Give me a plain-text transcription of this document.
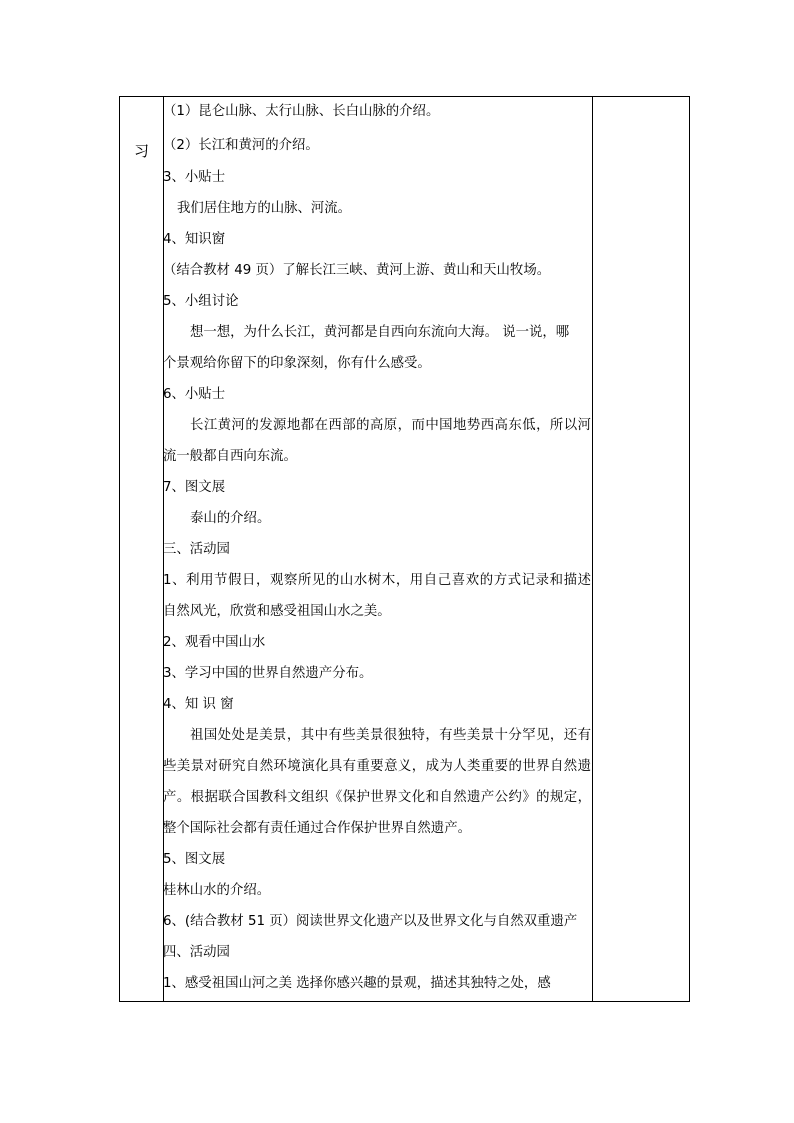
习
（1）昆仑山脉、太行山脉、长白山脉的介绍。
（2）长江和黄河的介绍。
3、小贴士
我们居住地方的山脉、河流。
4、知识窗
（结合教材 49 页）了解长江三峡、黄河上游、黄山和天山牧场。
5、小组讨论
想一想，为什么长江，黄河都是自西向东流向大海。 说一说，哪
个景观给你留下的印象深刻，你有什么感受。
6、小贴士
长江黄河的发源地都在西部的高原，而中国地势西高东低，所以河
流一般都自西向东流。
7、图文展
泰山的介绍。
三、活动园
1、利用节假日，观察所见的山水树木，用自己喜欢的方式记录和描述
自然风光，欣赏和感受祖国山水之美。
2、观看中国山水
3、学习中国的世界自然遗产分布。
4、知 识 窗
祖国处处是美景，其中有些美景很独特，有些美景十分罕见，还有
些美景对研究自然环境演化具有重要意义，成为人类重要的世界自然遗
产。根据联合国教科文组织《保护世界文化和自然遗产公约》的规定，
整个国际社会都有责任通过合作保护世界自然遗产。
5、图文展
桂林山水的介绍。
6、(结合教材 51 页）阅读世界文化遗产以及世界文化与自然双重遗产
四、活动园
1、感受祖国山河之美 选择你感兴趣的景观，描述其独特之处，感
